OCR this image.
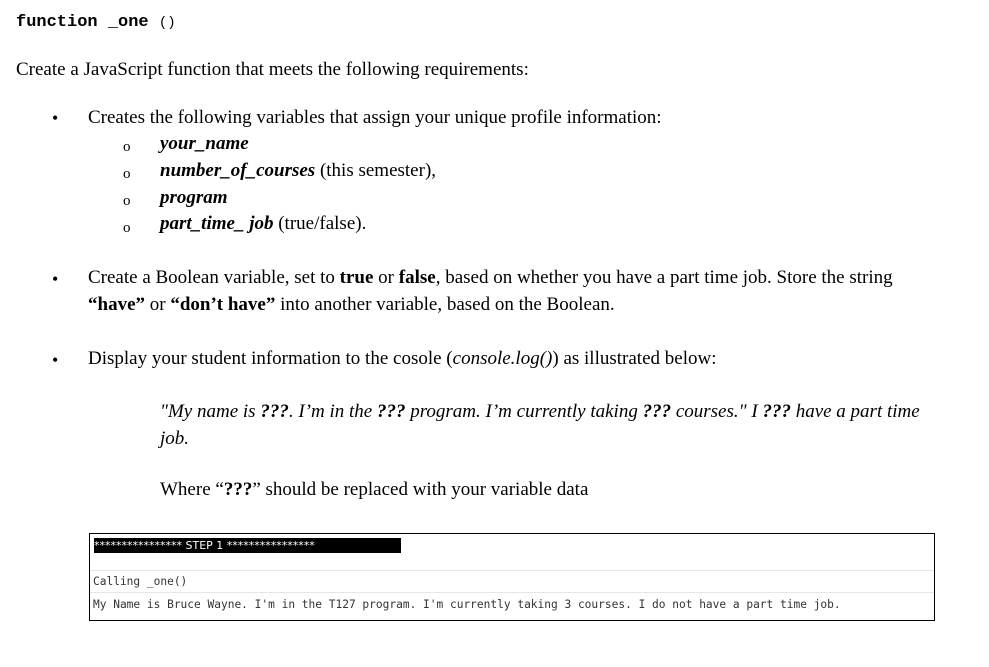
function _one ()
Create a JavaScript function that meets the following requirements:
• Creates the following variables that assign your unique profile information:
o your_name
o number_of_courses (this semester),
o program
o part_time_ job (true/false).
• Create a Boolean variable, set to true or false, based on whether you have a part time job. Store the string “have” or “don’t have” into another variable, based on the Boolean.
• Display your student information to the cosole (console.log()) as illustrated below:
"My name is ???. I’m in the ??? program. I’m currently taking ??? courses." I ??? have a part time job.
Where “???” should be replaced with your variable data
**************** STEP 1 ****************
Calling _one()
My Name is Bruce Wayne. I'm in the T127 program. I'm currently taking 3 courses. I do not have a part time job.
